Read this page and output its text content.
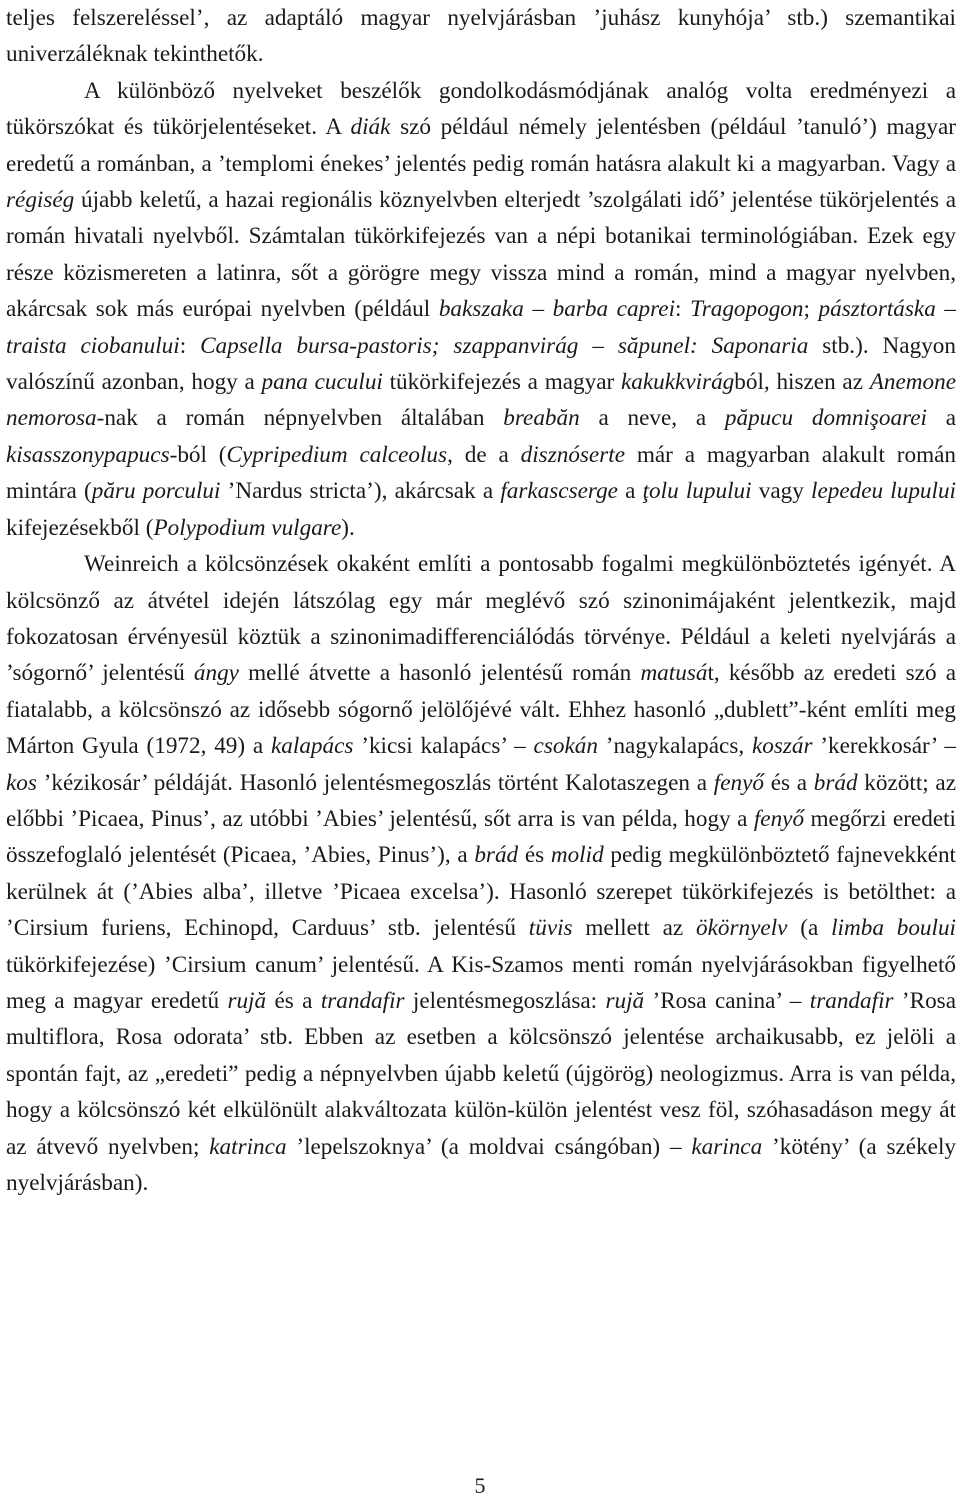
teljes felszereléssel’, az adaptáló magyar nyelvjárásban ’juhász kunyhója’ stb.) szemantikai univerzáléknak tekinthetők.

A különböző nyelveket beszélők gondolkodásmódjának analóg volta eredményezi a tükörszókat és tükörjelentéseket. A diák szó például némely jelentésben (például ’tanuló’) magyar eredetű a románban, a ’templomi énekes’ jelentés pedig román hatásra alakult ki a magyarban. Vagy a régiség újabb keletű, a hazai regionális köznyelvben elterjedt ’szolgálati idő’ jelentése tükörjelentés a román hivatali nyelvből. Számtalan tükörkifejezés van a népi botanikai terminológiában. Ezek egy része közismereten a latinra, sőt a görögre megy vissza mind a román, mind a magyar nyelvben, akárcsak sok más európai nyelvben (például bakszaka – barba caprei: Tragopogon; pásztortáska – traista ciobanului: Capsella bursa-pastoris; szappanvirág – săpunel: Saponaria stb.). Nagyon valószínű azonban, hogy a pana cucului tükörkifejezés a magyar kakukkvirágból, hiszen az Anemone nemorosa-nak a román népnyelvben általában breabăn a neve, a păpucu domnişoarei a kisasszonypapucs-ból (Cypripedium calceolus, de a disznóserte már a magyarban alakult román mintára (păru porcului ’Nardus stricta’), akárcsak a farkascserge a ţolu lupului vagy lepedeu lupului kifejezésekből (Polypodium vulgare).

Weinreich a kölcsönzések okaként említi a pontosabb fogalmi megkülönböztetés igényét. A kölcsönző az átvétel idején látszólag egy már meglévő szó szinonimájaként jelentkezik, majd fokozatosan érvényesül köztük a szinonimadifferenciálódás törvénye. Például a keleti nyelvjárás a ’sógornő’ jelentésű ángy mellé átvette a hasonló jelentésű román matusát, később az eredeti szó a fiatalabb, a kölcsönszó az idősebb sógornő jelölőjévé vált. Ehhez hasonló „dublett”-ként említi meg Márton Gyula (1972, 49) a kalapács ’kicsi kalapács’ – csokán ’nagykalapács, koszár ’kerekkosár’ – kos ’kézikosár’ példáját. Hasonló jelentésmegoszlás történt Kalotaszegen a fenyő és a brád között; az előbbi ’Picaea, Pinus’, az utóbbi ’Abies’ jelentésű, sőt arra is van példa, hogy a fenyő megőrzi eredeti összefoglaló jelentését (Picaea, ’Abies, Pinus’), a brád és molid pedig megkülönböztető fajnevekként kerülnek át (’Abies alba’, illetve ’Picaea excelsa’). Hasonló szerepet tükörkifejezés is betölthet: a ’Cirsium furiens, Echinopd, Carduus’ stb. jelentésű tüvis mellett az ökörnyelv (a limba boului tükörkifejezése) ’Cirsium canum’ jelentésű. A Kis-Szamos menti román nyelvjárásokban figyelhető meg a magyar eredetű rujă és a trandafir jelentésmegoszlása: rujă ’Rosa canina’ – trandafir ’Rosa multiflora, Rosa odorata’ stb. Ebben az esetben a kölcsönszó jelentése archaikusabb, ez jelöli a spontán fajt, az „eredeti” pedig a népnyelvben újabb keletű (újgörög) neologizmus. Arra is van példa, hogy a kölcsönszó két elkülönült alakváltozata külön-külön jelentést vesz föl, szóhasadáson megy át az átvevő nyelvben; katrinca ’lepelszoknya’ (a moldvai csángóban) – karinca ’kötény’ (a székely nyelvjárásban).

5
